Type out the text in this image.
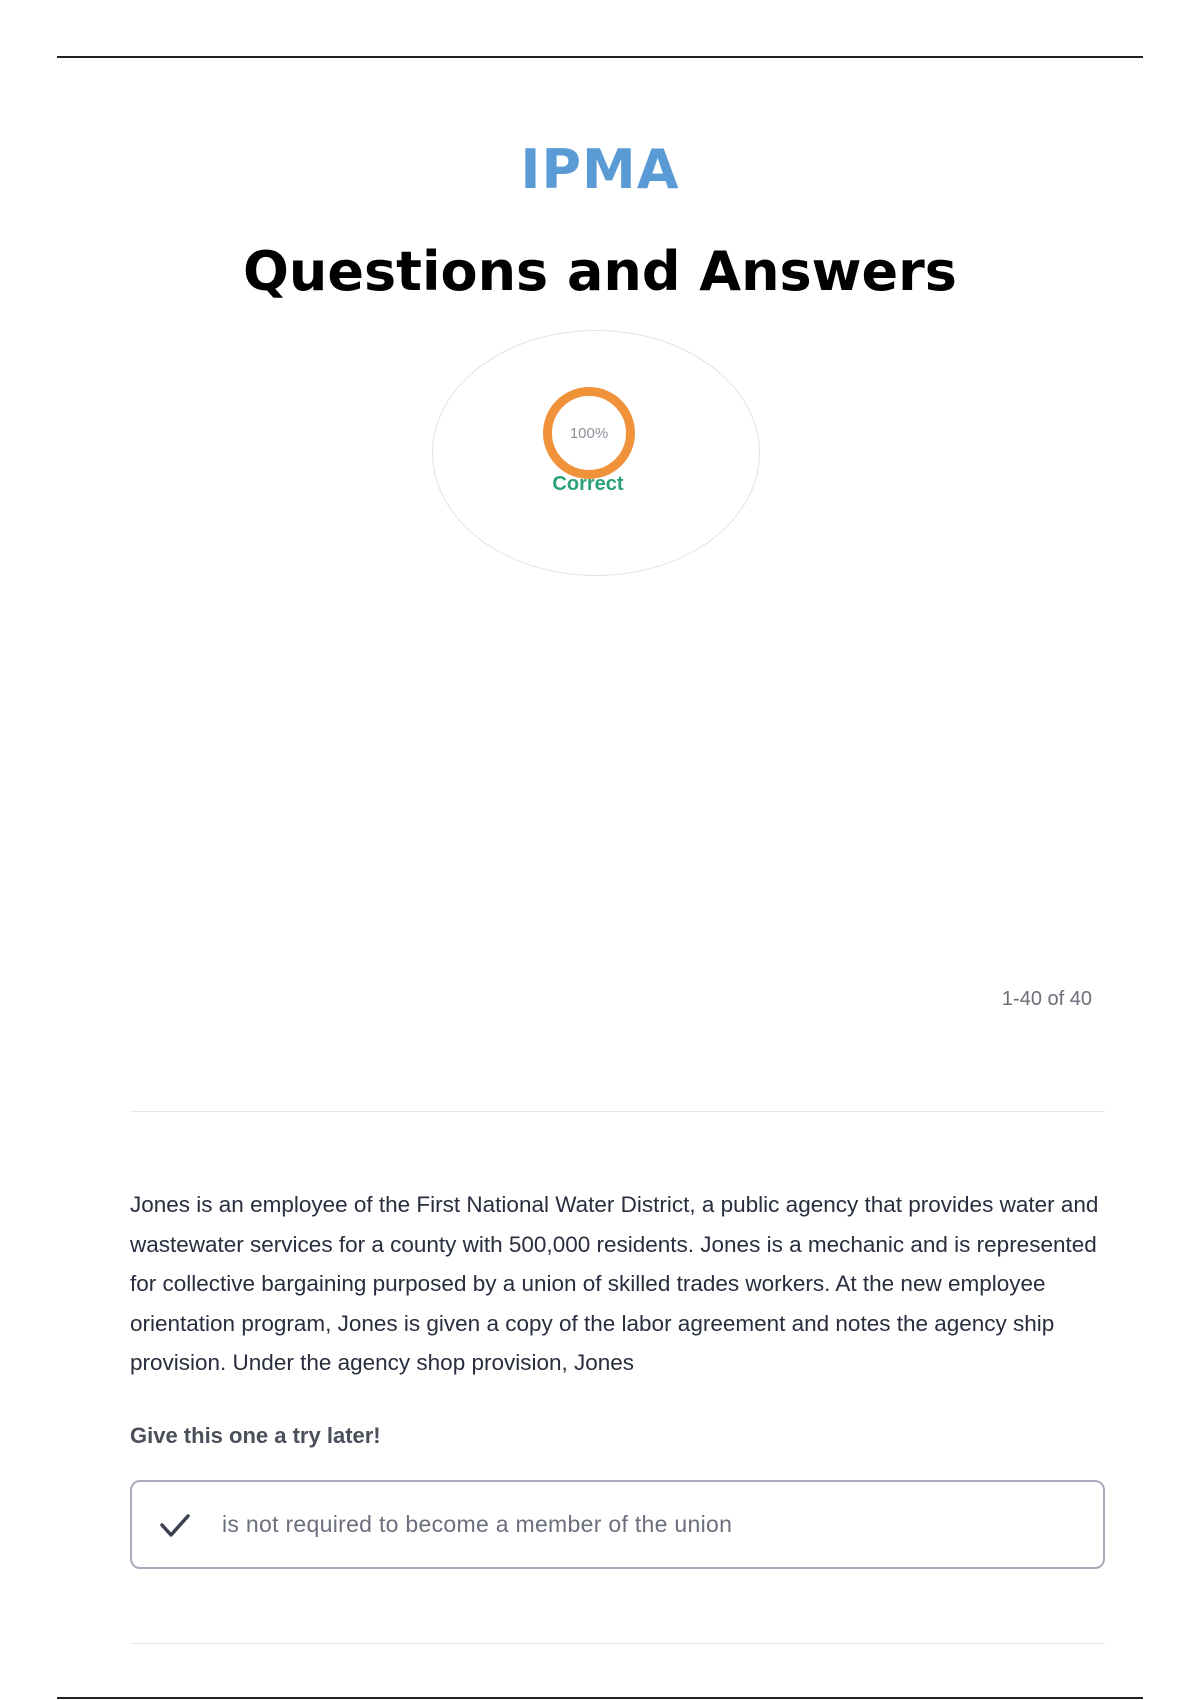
IPMA
Questions and Answers
100%
Correct
1-40 of 40
Jones is an employee of the First National Water District, a public agency that provides water and wastewater services for a county with 500,000 residents. Jones is a mechanic and is represented for collective bargaining purposed by a union of skilled trades workers. At the new employee orientation program, Jones is given a copy of the labor agreement and notes the agency ship provision. Under the agency shop provision, Jones
Give this one a try later!
is not required to become a member of the union
